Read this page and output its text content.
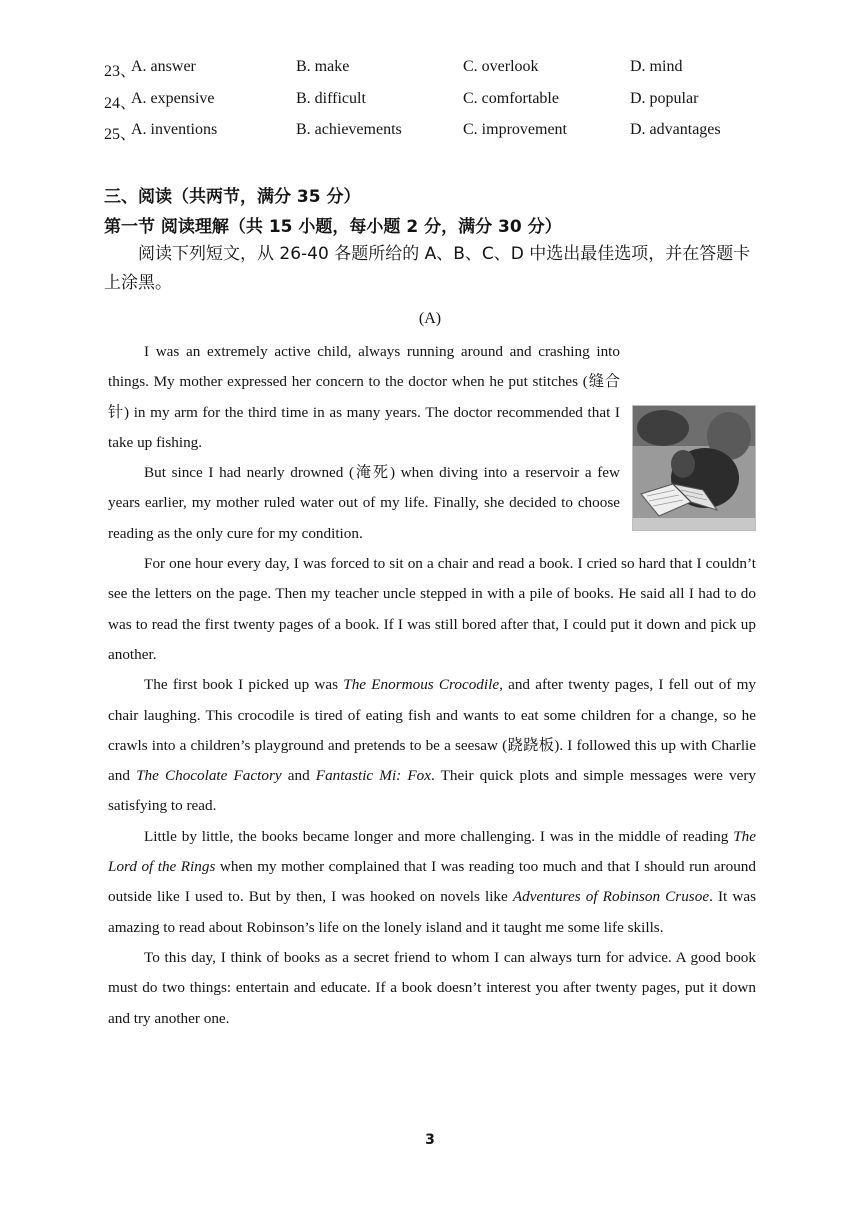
23、
A. answer	B. make	C. overlook	D. mind
24、
A. expensive	B. difficult	C. comfortable	D. popular
25、
A. inventions	B. achievements	C. improvement	D. advantages
三、阅读（共两节，满分 35 分）
第一节 阅读理解（共 15 小题，每小题 2 分，满分 30 分）

阅读下列短文，从 26-40 各题所给的 A、B、C、D 中选出最佳选项，并在答题卡上涂黑。

(A)

I was an extremely active child, always running around and crashing into things. My mother expressed her concern to the doctor when he put stitches (缝合针) in my arm for the third time in as many years. The doctor recommended that I take up fishing.

But since I had nearly drowned (淹死) when diving into a reservoir a few years earlier, my mother ruled water out of my life. Finally, she decided to choose reading as the only cure for my condition.

For one hour every day, I was forced to sit on a chair and read a book. I cried so hard that I couldn’t see the letters on the page. Then my teacher uncle stepped in with a pile of books. He said all I had to do was to read the first twenty pages of a book. If I was still bored after that, I could put it down and pick up another.

The first book I picked up was The Enormous Crocodile, and after twenty pages, I fell out of my chair laughing. This crocodile is tired of eating fish and wants to eat some children for a change, so he crawls into a children’s playground and pretends to be a seesaw (跷跷板). I followed this up with Charlie and The Chocolate Factory and Fantastic Mi: Fox. Their quick plots and simple messages were very satisfying to read.

Little by little, the books became longer and more challenging. I was in the middle of reading The Lord of the Rings when my mother complained that I was reading too much and that I should run around outside like I used to. But by then, I was hooked on novels like Adventures of Robinson Crusoe. It was amazing to read about Robinson’s life on the lonely island and it taught me some life skills.

To this day, I think of books as a secret friend to whom I can always turn for advice. A good book must do two things: entertain and educate. If a book doesn’t interest you after twenty pages, put it down and try another one.

3
